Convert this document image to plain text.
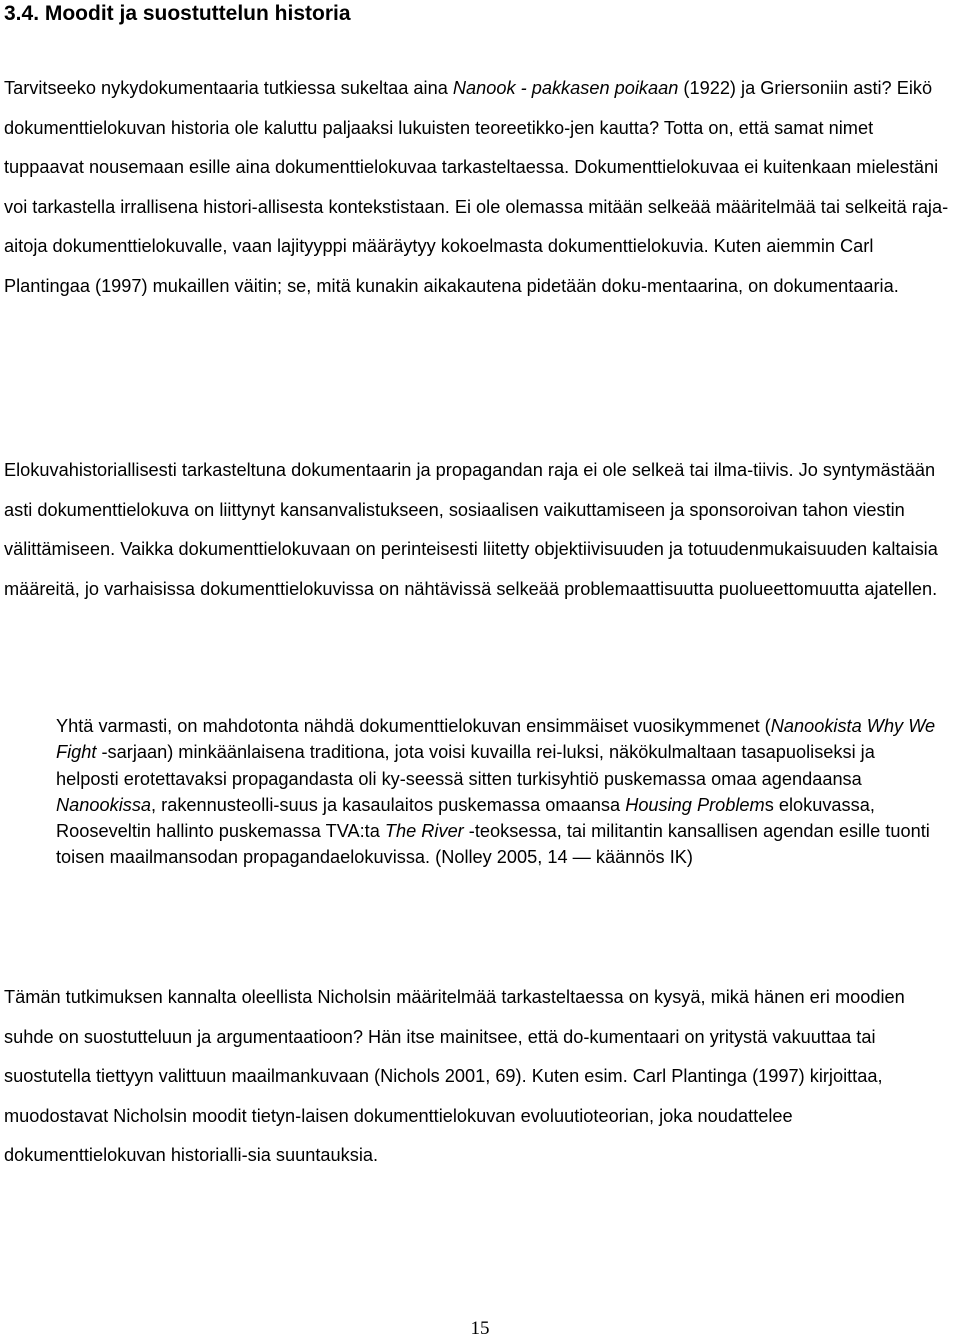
3.4. Moodit ja suostuttelun historia

Tarvitseeko nykydokumentaaria tutkiessa sukeltaa aina Nanook - pakkasen poikaan (1922) ja Griersoniin asti? Eikö dokumenttielokuvan historia ole kaluttu paljaaksi lukuisten teoreetikko-jen kautta? Totta on, että samat nimet tuppaavat nousemaan esille aina dokumenttielokuvaa tarkasteltaessa. Dokumenttielokuvaa ei kuitenkaan mielestäni voi tarkastella irrallisena histori-allisesta kontekstistaan. Ei ole olemassa mitään selkeää määritelmää tai selkeitä raja-aitoja dokumenttielokuvalle, vaan lajityyppi määräytyy kokoelmasta dokumenttielokuvia. Kuten aiemmin Carl Plantingaa (1997) mukaillen väitin; se, mitä kunakin aikakautena pidetään doku-mentaarina, on dokumentaaria.

Elokuvahistoriallisesti tarkasteltuna dokumentaarin ja propagandan raja ei ole selkeä tai ilma-tiivis. Jo syntymästään asti dokumenttielokuva on liittynyt kansanvalistukseen, sosiaalisen vaikuttamiseen ja sponsoroivan tahon viestin välittämiseen. Vaikka dokumenttielokuvaan on perinteisesti liitetty objektiivisuuden ja totuudenmukaisuuden kaltaisia määreitä, jo varhaisissa dokumenttielokuvissa on nähtävissä selkeää problemaattisuutta puolueettomuutta ajatellen.

Yhtä varmasti, on mahdotonta nähdä dokumenttielokuvan ensimmäiset vuosikymmenet (Nanookista Why We Fight -sarjaan) minkäänlaisena traditiona, jota voisi kuvailla rei-luksi, näkökulmaltaan tasapuoliseksi ja helposti erotettavaksi propagandasta oli ky-seessä sitten turkisyhtiö puskemassa omaa agendaansa Nanookissa, rakennusteolli-suus ja kasaulaitos puskemassa omaansa Housing Problems elokuvassa, Rooseveltin hallinto puskemassa TVA:ta The River -teoksessa, tai militantin kansallisen agendan esille tuonti toisen maailmansodan propagandaelokuvissa. (Nolley 2005, 14 — käännös IK)

Tämän tutkimuksen kannalta oleellista Nicholsin määritelmää tarkasteltaessa on kysyä, mikä hänen eri moodien suhde on suostutteluun ja argumentaatioon? Hän itse mainitsee, että do-kumentaari on yritystä vakuuttaa tai suostutella tiettyyn valittuun maailmankuvaan (Nichols 2001, 69). Kuten esim. Carl Plantinga (1997) kirjoittaa, muodostavat Nicholsin moodit tietyn-laisen dokumenttielokuvan evoluutioteorian, joka noudattelee dokumenttielokuvan historialli-sia suuntauksia.

15
